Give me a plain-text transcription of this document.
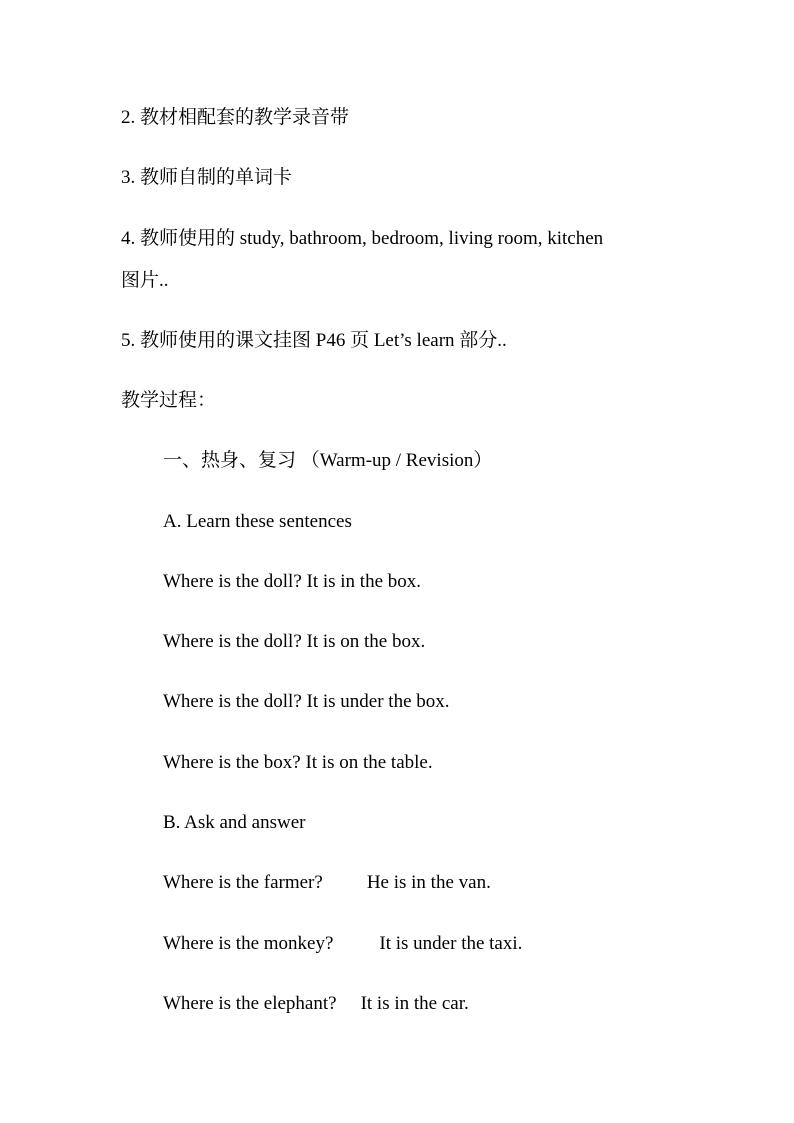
2. 教材相配套的教学录音带
3. 教师自制的单词卡
4. 教师使用的 study, bathroom, bedroom, living room, kitchen
图片..
5. 教师使用的课文挂图 P46 页 Let’s learn 部分..
教学过程：
一、热身、复习 （Warm-up / Revision）
A. Learn these sentences
Where is the doll? It is in the box.
Where is the doll? It is on the box.
Where is the doll? It is under the box.
Where is the box? It is on the table.
B. Ask and answer
Where is the farmer? He is in the van.
Where is the monkey? It is under the taxi.
Where is the elephant? It is in the car.
